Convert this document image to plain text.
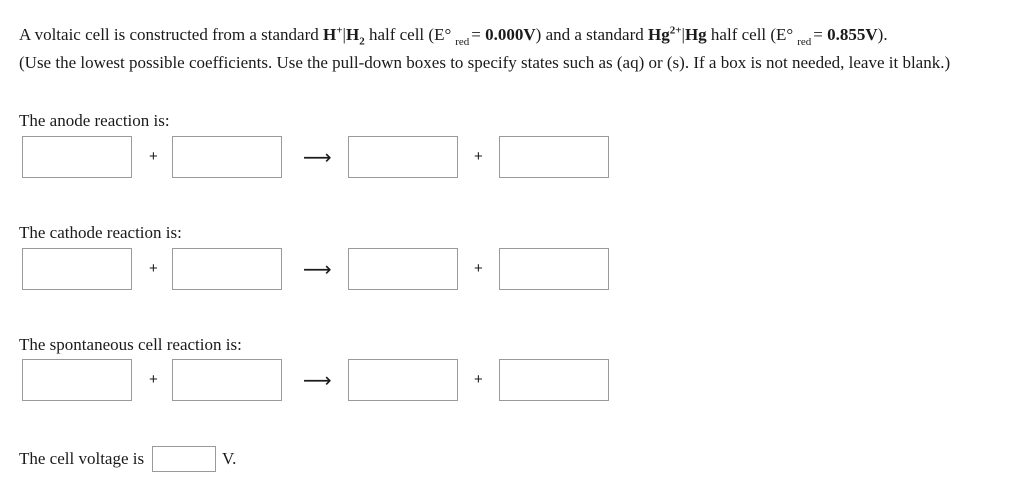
A voltaic cell is constructed from a standard $H^+|H_2$ half cell (E° $_{red}$ = 0.000V) and a standard $Hg^{2+}|Hg$ half cell (E° $_{red}$ = 0.855V).
(Use the lowest possible coefficients. Use the pull-down boxes to specify states such as (aq) or (s). If a box is not needed, leave it blank.)
The anode reaction is:
+	⟶	+
The cathode reaction is:
+	⟶	+
The spontaneous cell reaction is:
+	⟶	+
The cell voltage is	V.
